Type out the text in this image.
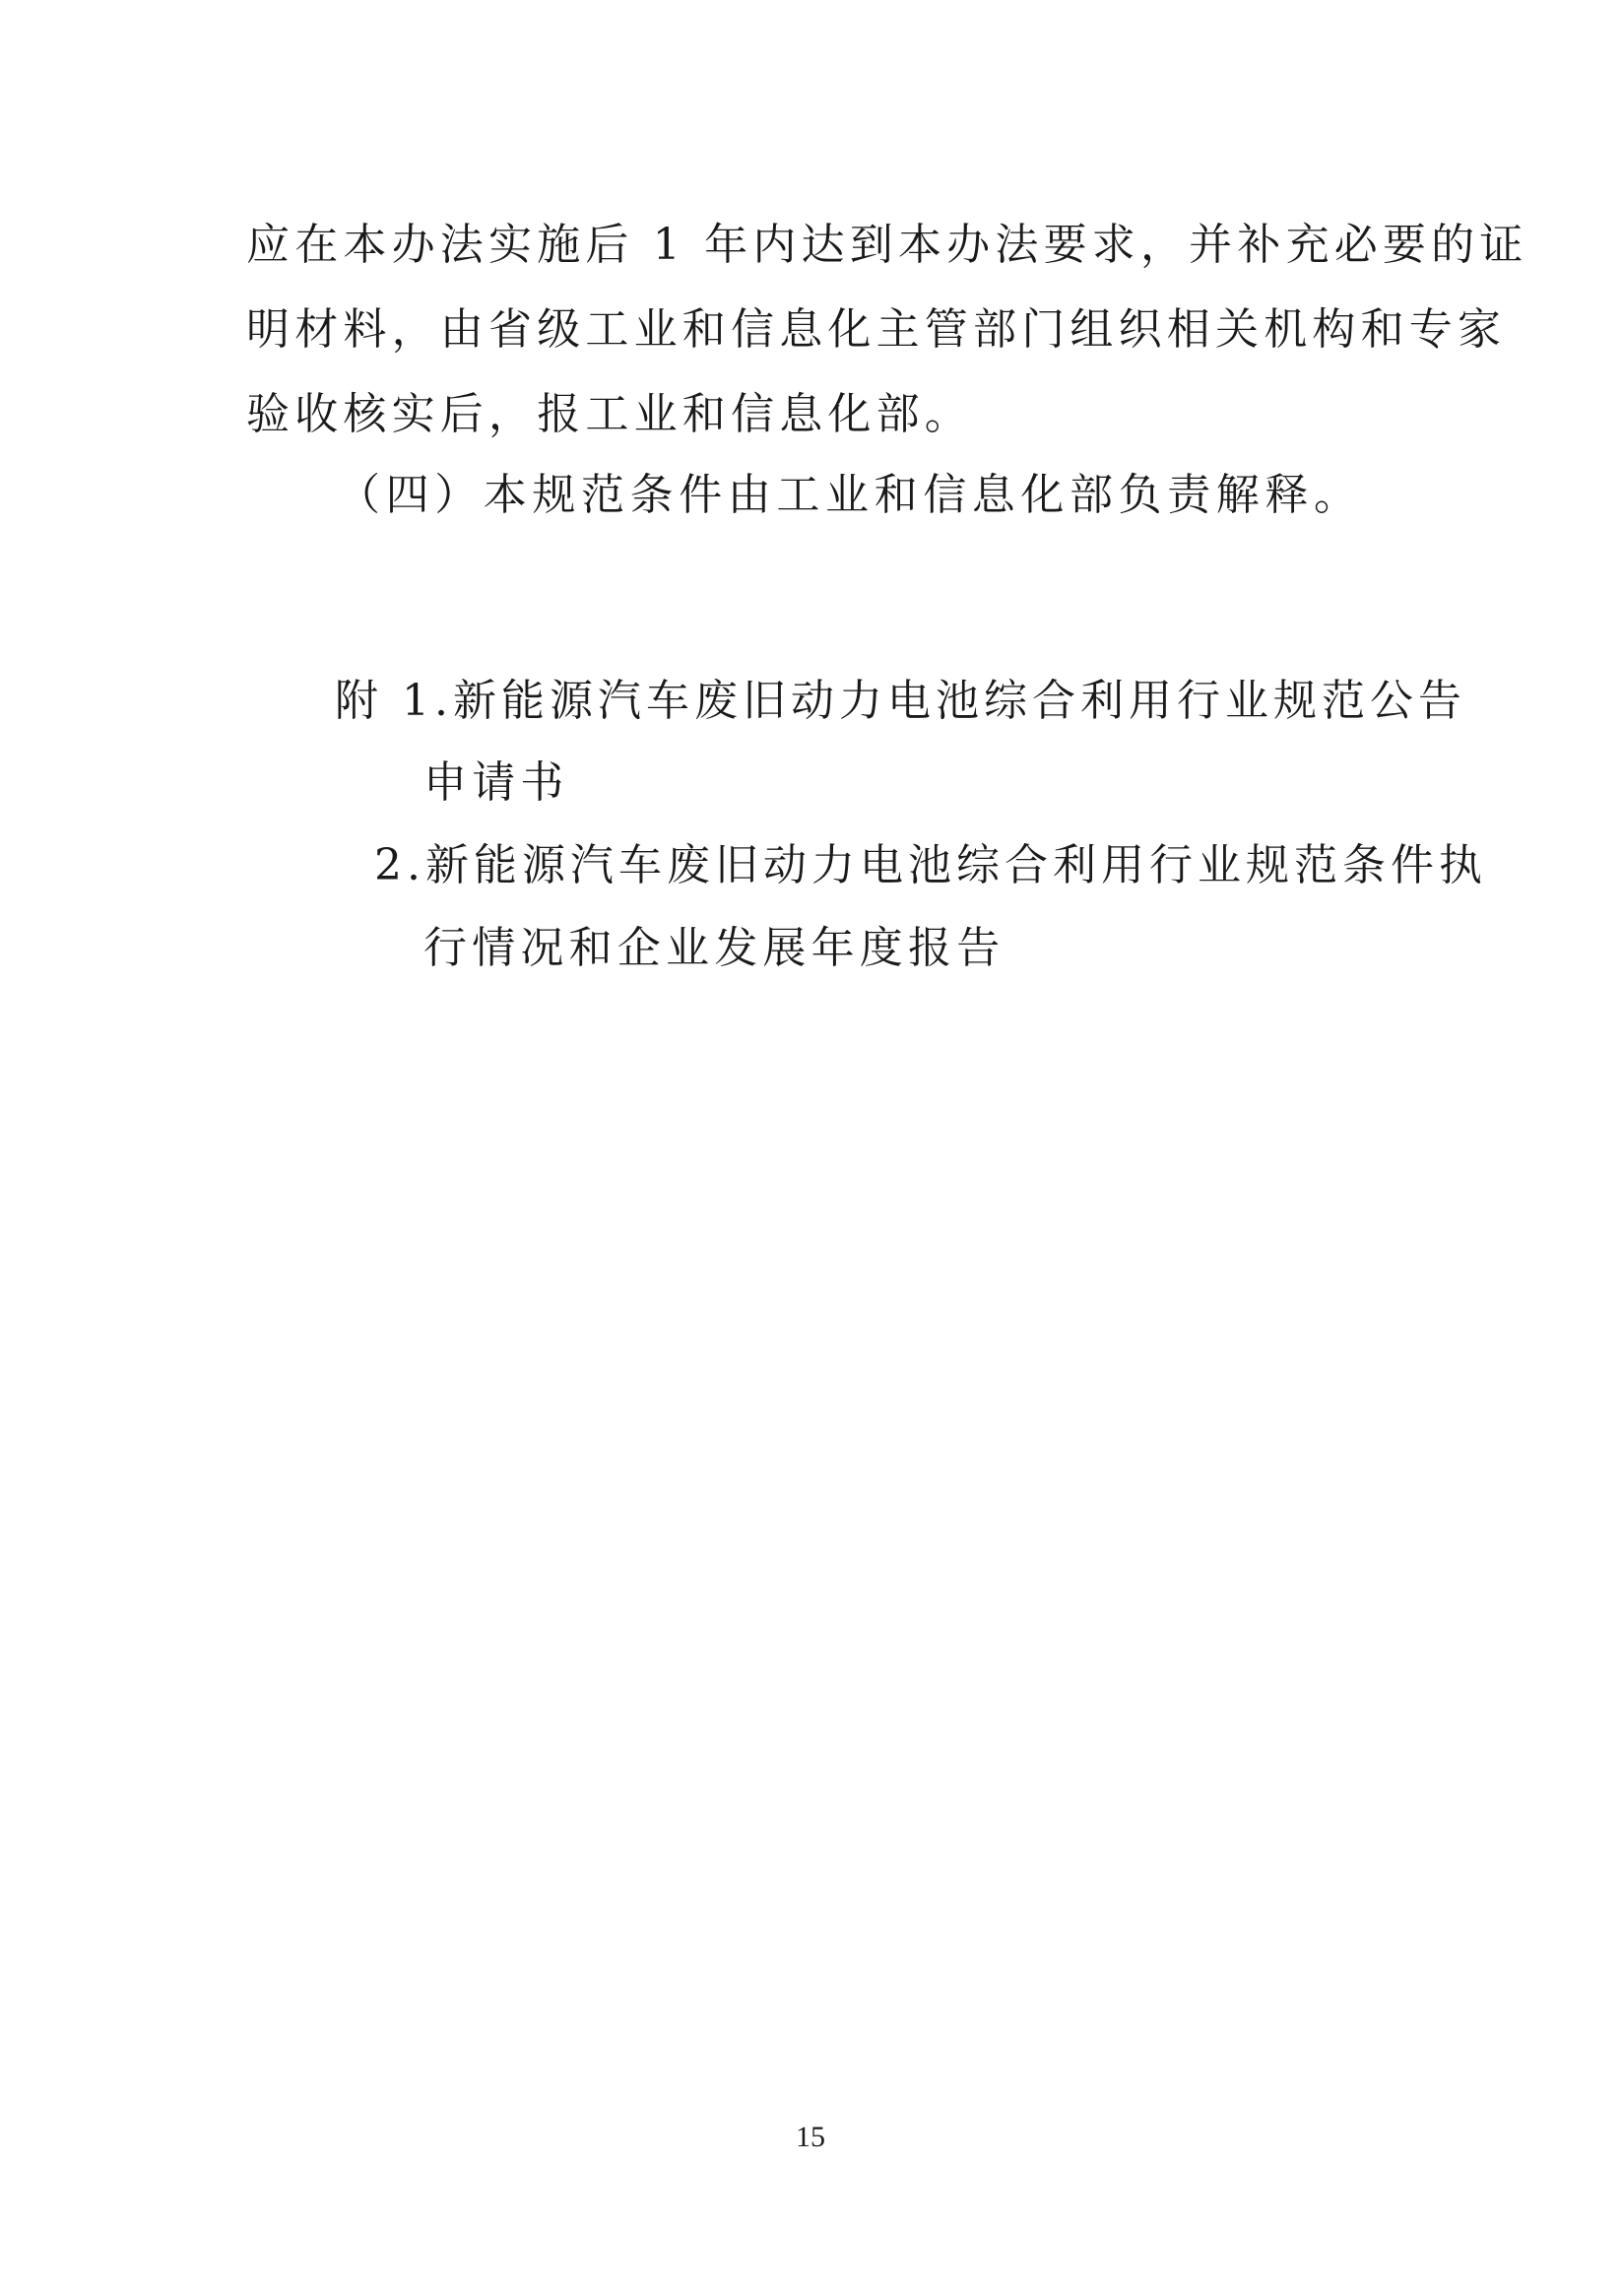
应在本办法实施后 1 年内达到本办法要求，并补充必要的证
明材料，由省级工业和信息化主管部门组织相关机构和专家
验收核实后，报工业和信息化部。
（四）本规范条件由工业和信息化部负责解释。
附 1.新能源汽车废旧动力电池综合利用行业规范公告
申请书
2.新能源汽车废旧动力电池综合利用行业规范条件执
行情况和企业发展年度报告
15
